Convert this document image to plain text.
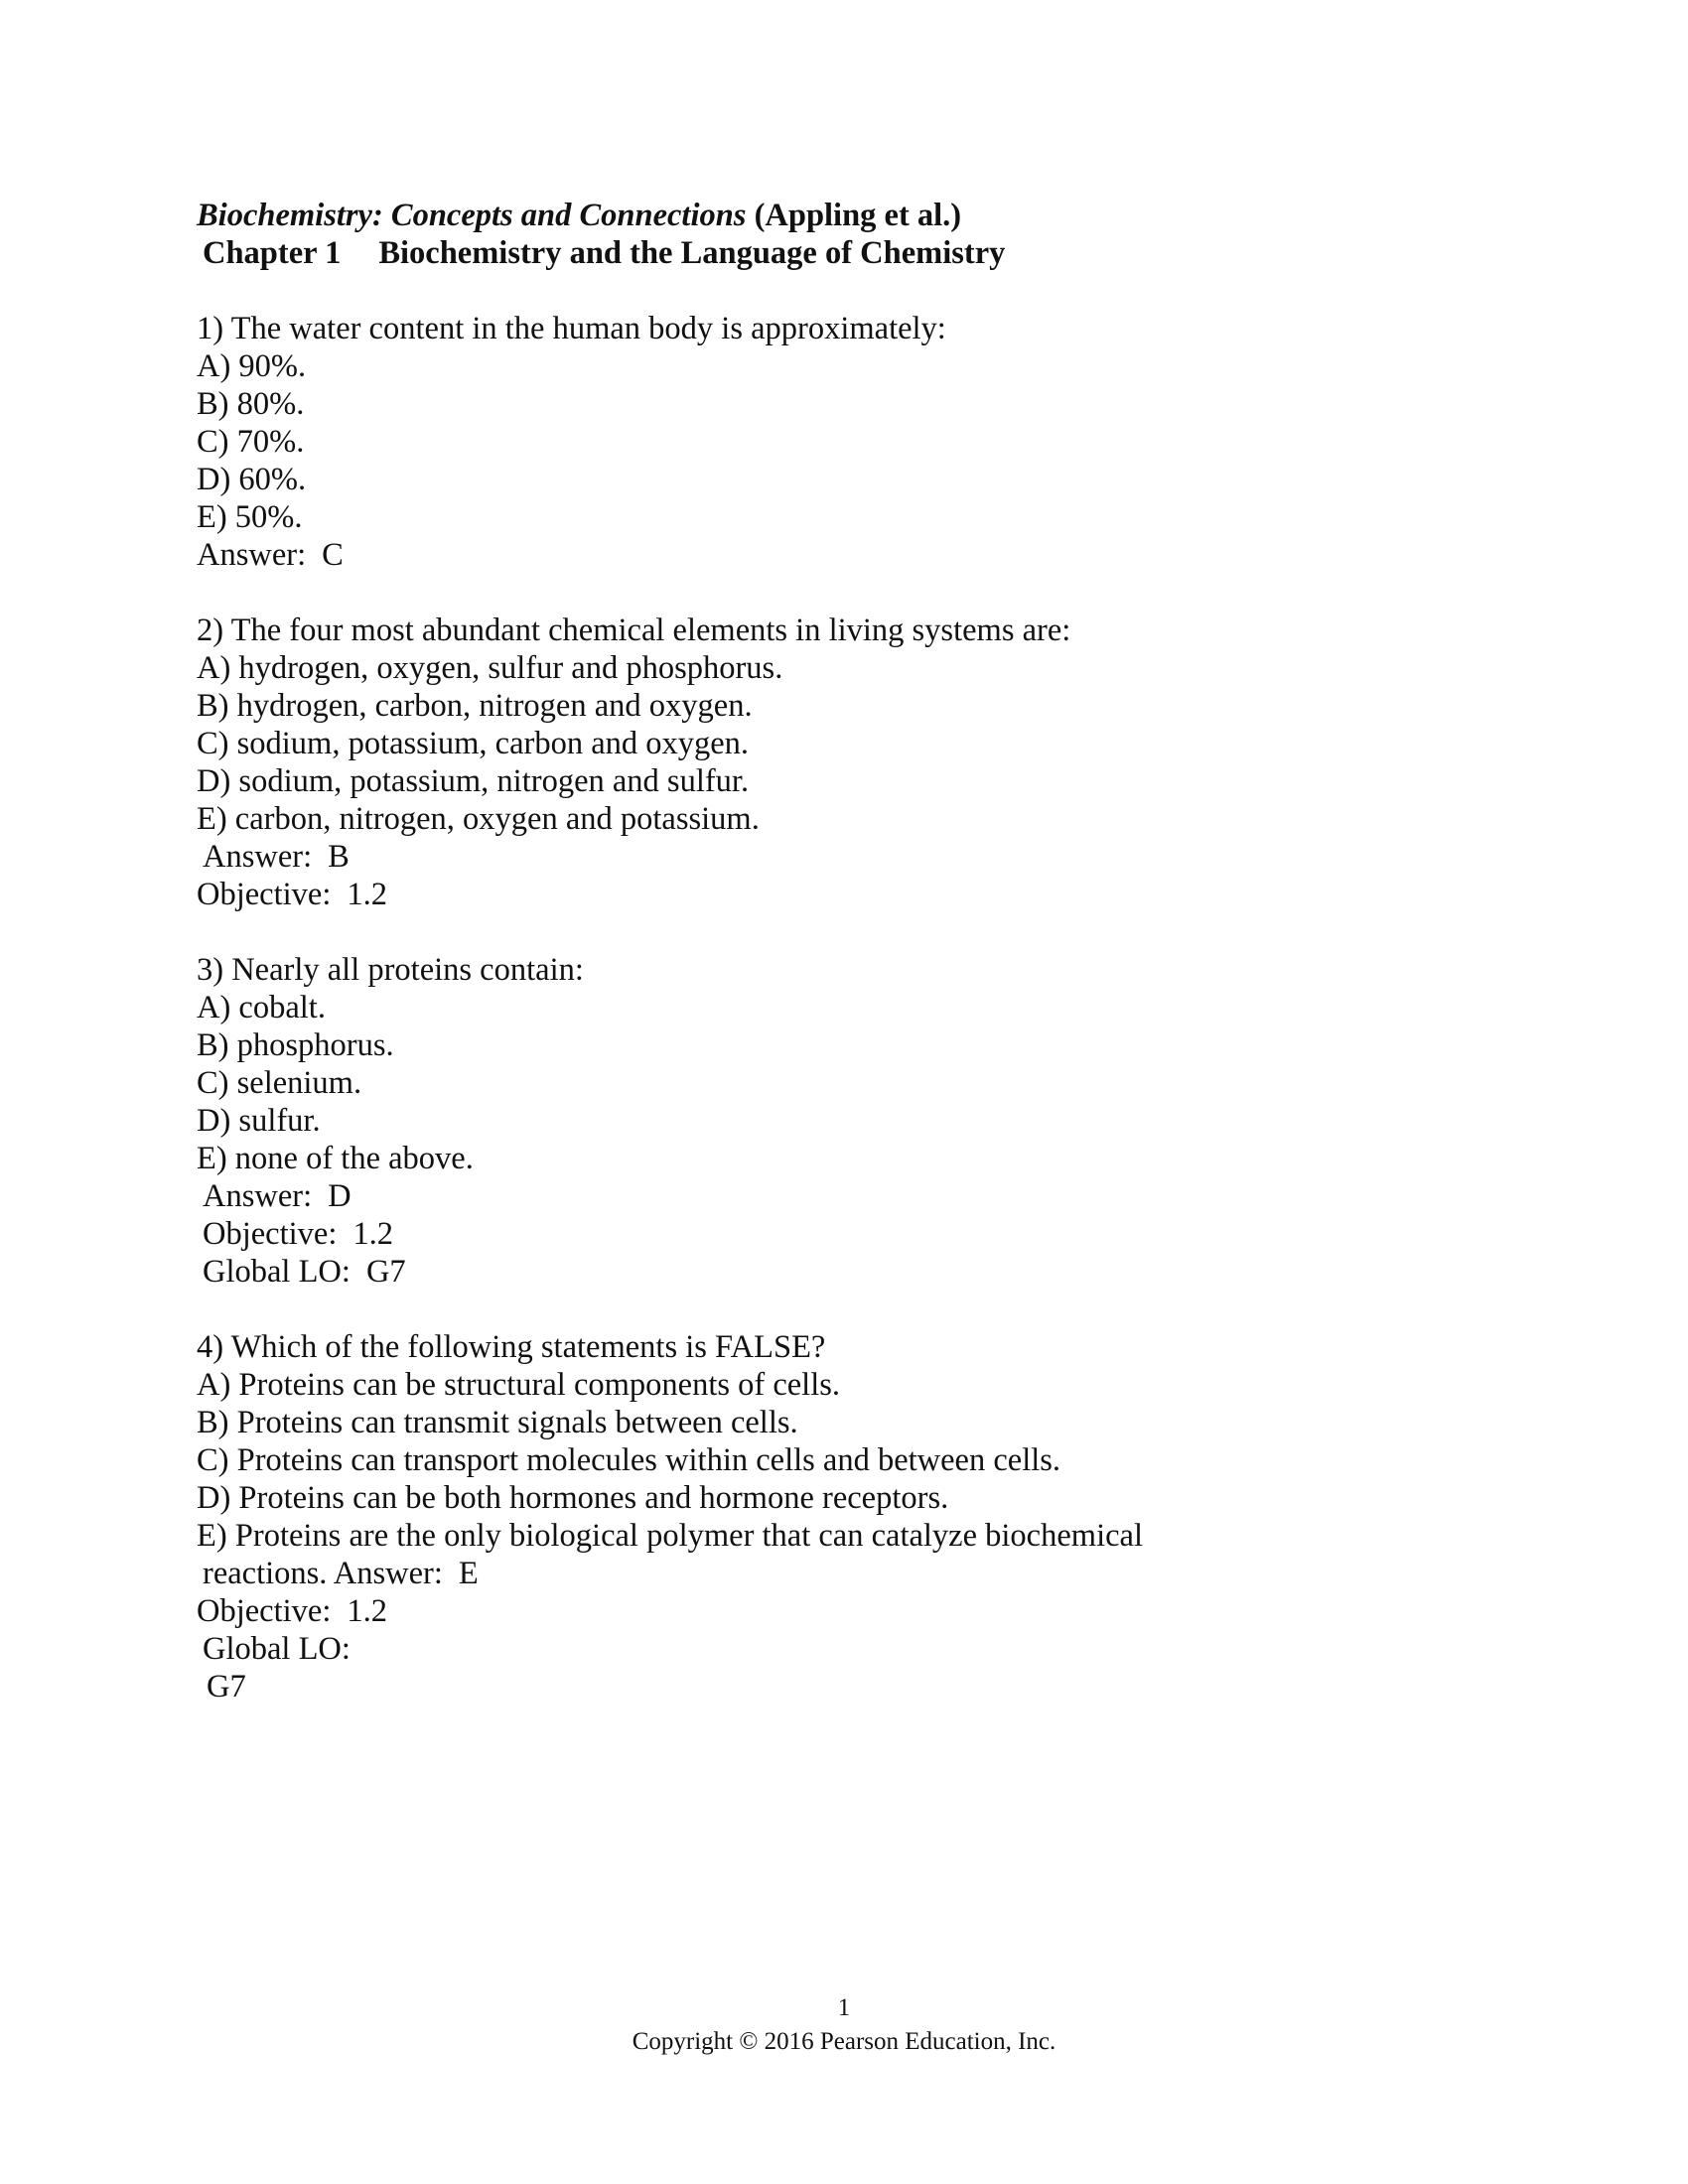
Biochemistry: Concepts and Connections (Appling et al.)
Chapter 1 Biochemistry and the Language of Chemistry
1) The water content in the human body is approximately:
A) 90%.
B) 80%.
C) 70%.
D) 60%.
E) 50%.
Answer: C
2) The four most abundant chemical elements in living systems are:
A) hydrogen, oxygen, sulfur and phosphorus.
B) hydrogen, carbon, nitrogen and oxygen.
C) sodium, potassium, carbon and oxygen.
D) sodium, potassium, nitrogen and sulfur.
E) carbon, nitrogen, oxygen and potassium.
Answer: B
Objective: 1.2
3) Nearly all proteins contain:
A) cobalt.
B) phosphorus.
C) selenium.
D) sulfur.
E) none of the above.
Answer: D
Objective: 1.2
Global LO: G7
4) Which of the following statements is FALSE?
A) Proteins can be structural components of cells.
B) Proteins can transmit signals between cells.
C) Proteins can transport molecules within cells and between cells.
D) Proteins can be both hormones and hormone receptors.
E) Proteins are the only biological polymer that can catalyze biochemical
reactions. Answer: E
Objective: 1.2
Global LO:
G7
1
Copyright © 2016 Pearson Education, Inc.
